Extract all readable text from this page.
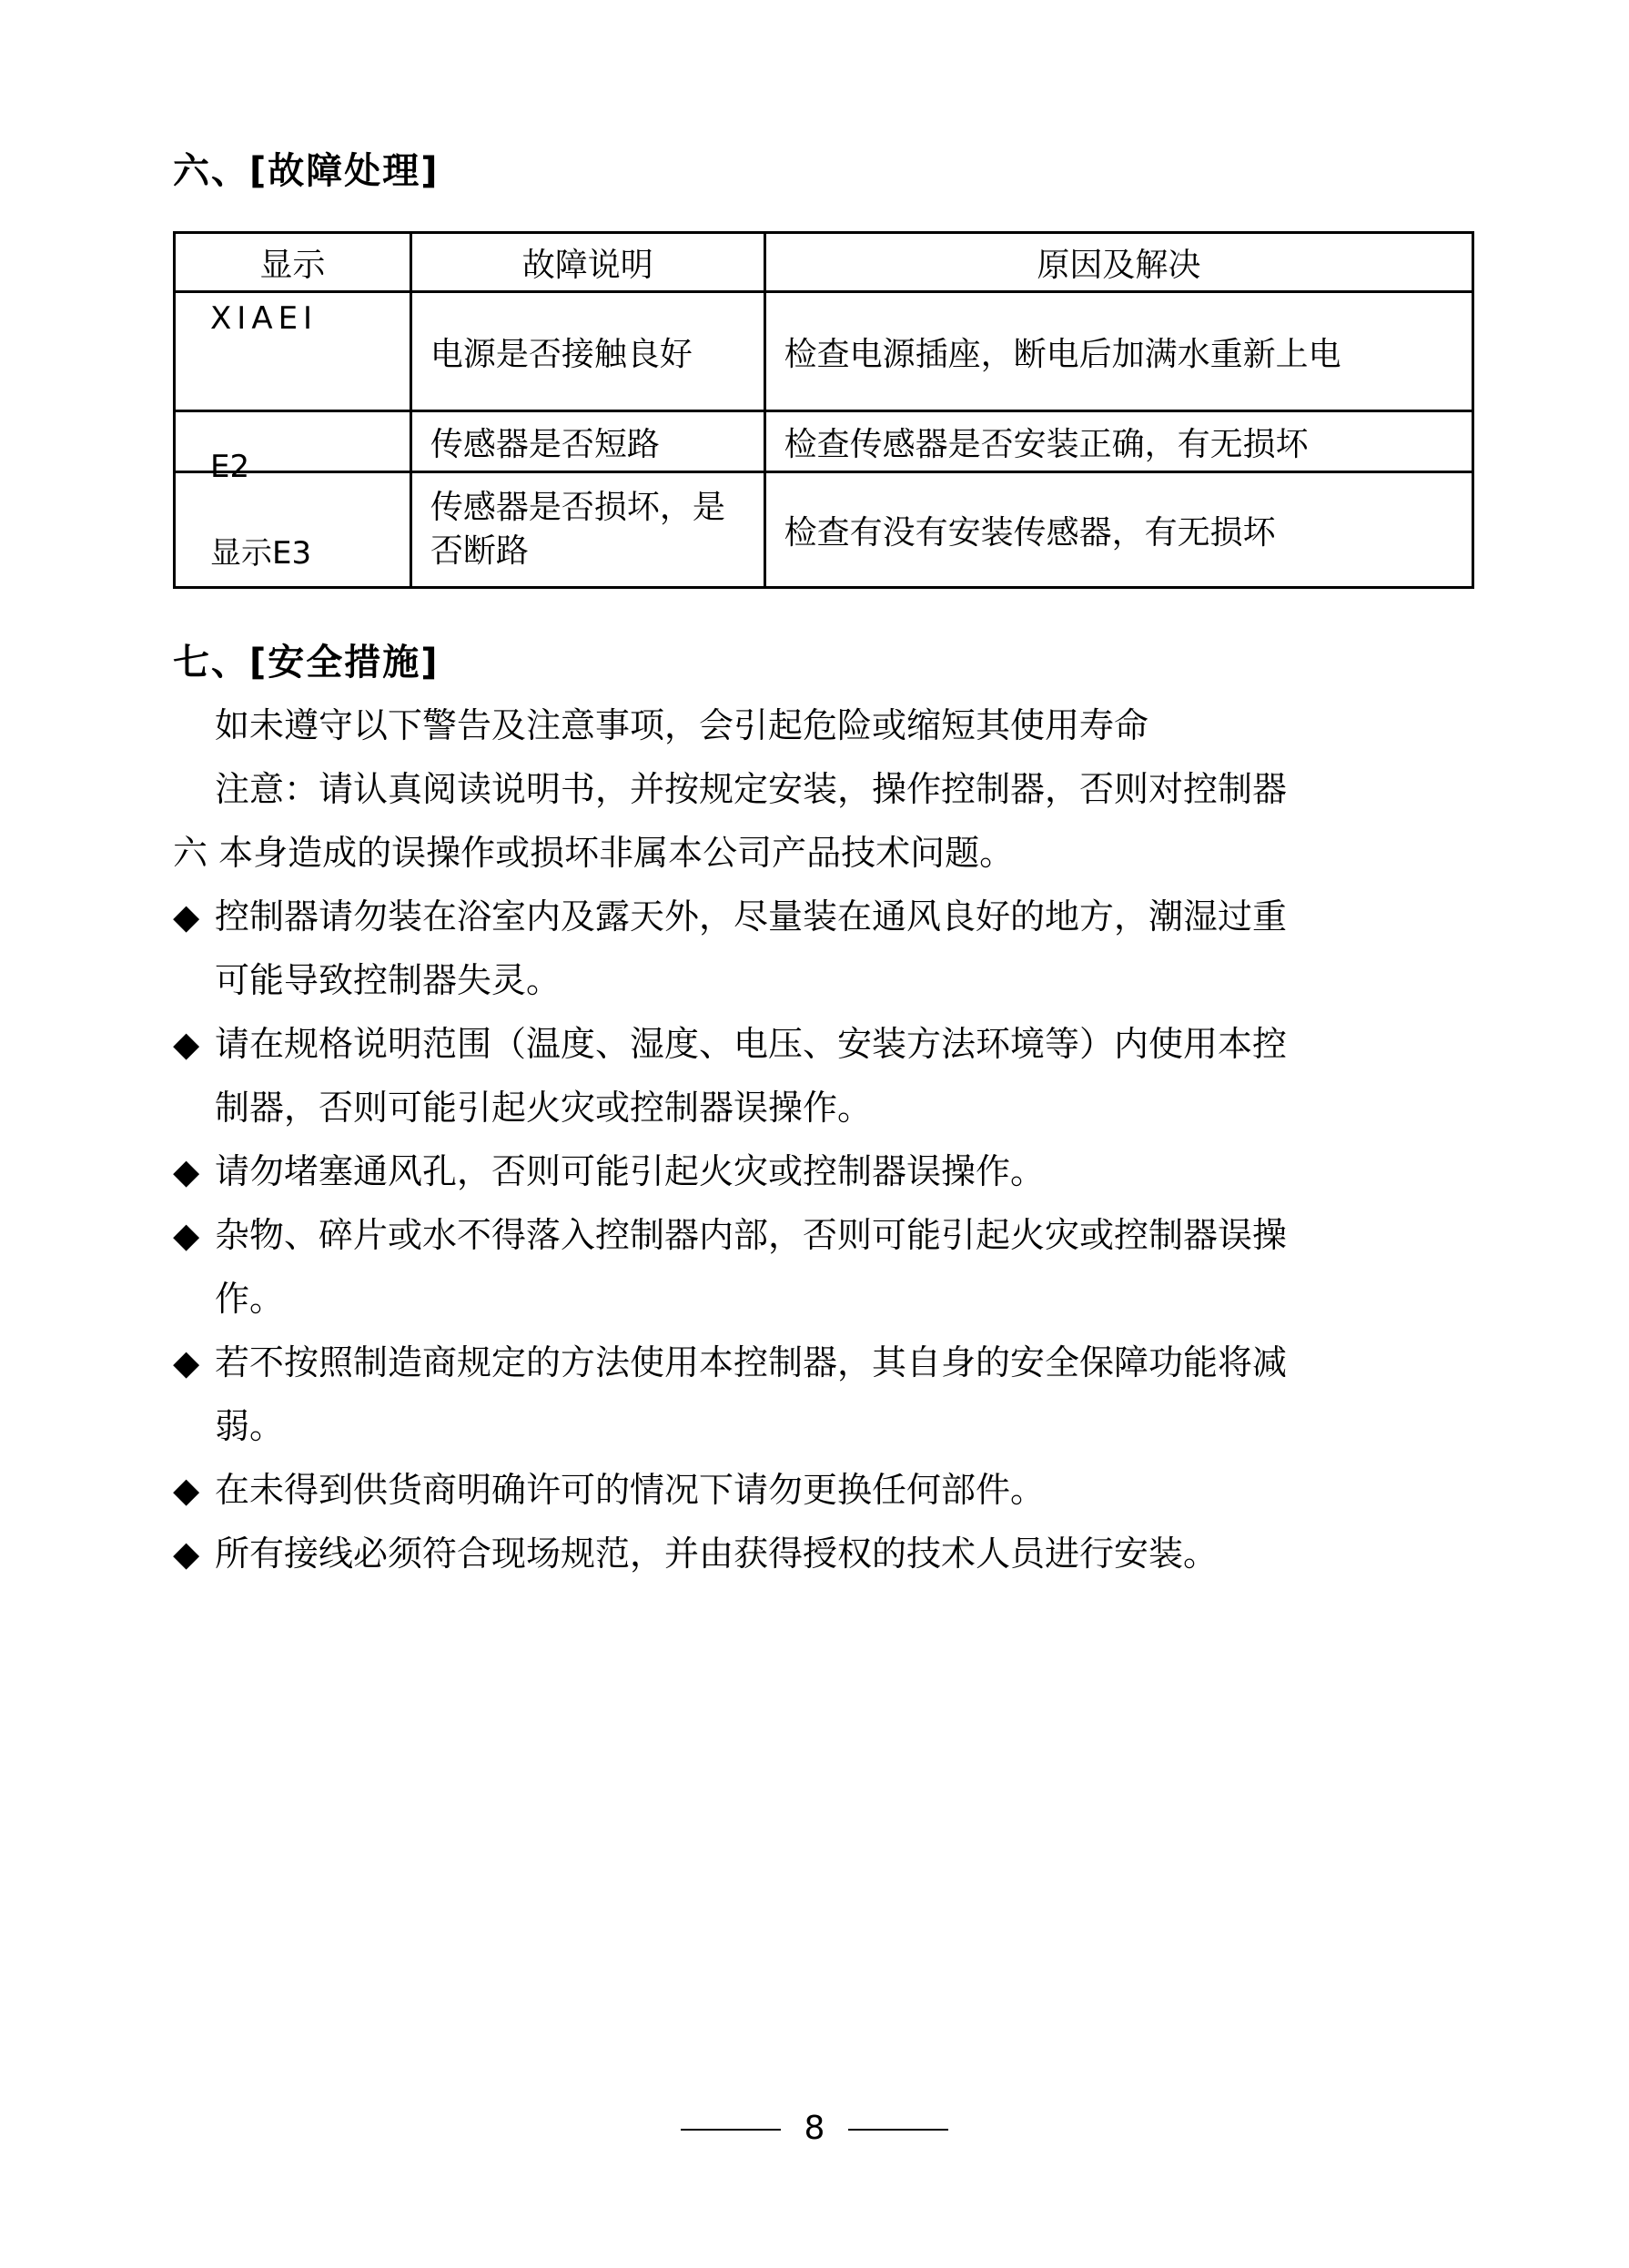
六、[故障处理]
显示	故障说明	原因及解决

XIAEI	电源是否接触良好	检查电源插座，断电后加满水重新上电

E2	传感器是否短路	检查传感器是否安装正确，有无损坏

显示E3	传感器是否损坏，是否断路	检查有没有安装传感器，有无损坏
七、[安全措施]
如未遵守以下警告及注意事项，会引起危险或缩短其使用寿命
注意：请认真阅读说明书，并按规定安装，操作控制器，否则对控制器
六 本身造成的误操作或损坏非属本公司产品技术问题。
◆ 控制器请勿装在浴室内及露天外，尽量装在通风良好的地方，潮湿过重
可能导致控制器失灵。
◆ 请在规格说明范围（温度、湿度、电压、安装方法环境等）内使用本控
制器，否则可能引起火灾或控制器误操作。
◆ 请勿堵塞通风孔，否则可能引起火灾或控制器误操作。
◆ 杂物、碎片或水不得落入控制器内部，否则可能引起火灾或控制器误操
作。
◆ 若不按照制造商规定的方法使用本控制器，其自身的安全保障功能将减
弱。
◆ 在未得到供货商明确许可的情况下请勿更换任何部件。
◆ 所有接线必须符合现场规范，并由获得授权的技术人员进行安装。
8
